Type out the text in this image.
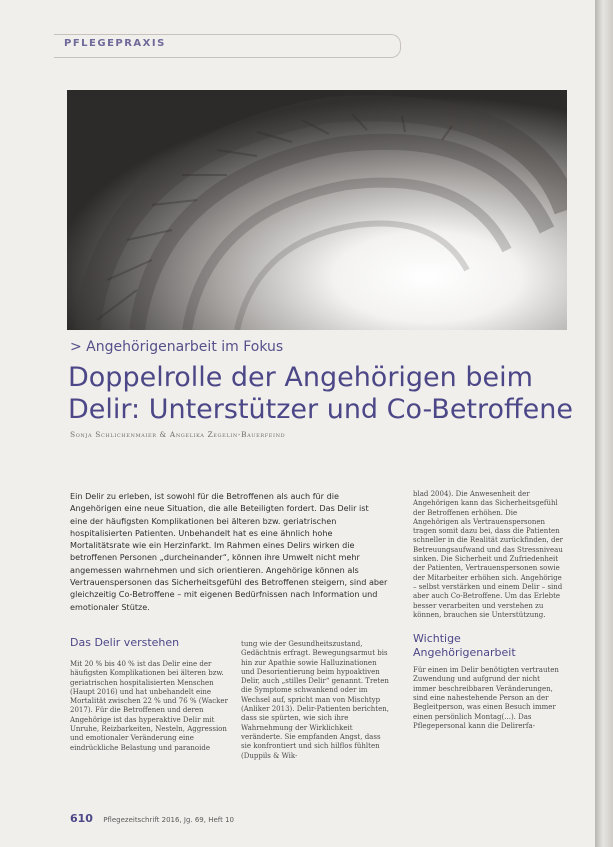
PFLEGEPRAXIS
> Angehörigenarbeit im Fokus
Doppelrolle der Angehörigen beim
Delir: Unterstützer und Co-Betroffene
Sonja Schlichenmaier & Angelika Zegelin-Bauerfeind

Ein Delir zu erleben, ist sowohl für die Betroffenen als auch für die Angehörigen eine neue Situation, die alle Beteiligten fordert. Das Delir ist eine der häufigsten Komplikationen bei älteren bzw. geriatrischen hospitalisierten Patienten. Unbehandelt hat es eine ähnlich hohe Mortalitätsrate wie ein Herzinfarkt. Im Rahmen eines Delirs wirken die betroffenen Personen „durcheinander“, können ihre Umwelt nicht mehr angemessen wahrnehmen und sich orientieren. Angehörige können als Vertrauenspersonen das Sicherheitsgefühl des Betroffenen steigern, sind aber gleichzeitig Co-Betroffene – mit eigenen Bedürfnissen nach Information und emotionaler Stütze.

Das Delir verstehen

Mit 20 % bis 40 % ist das Delir eine der häufigsten Komplikationen bei älteren bzw. geriatrischen hospitalisierten Menschen (Haupt 2016) und hat unbehandelt eine Mortalität zwischen 22 % und 76 % (Wacker 2017). Für die Betroffenen und deren Angehörige ist das hyperaktive Delir mit Unruhe, Reizbarkeiten, Nesteln, Aggression und emotionaler Veränderung eine eindrückliche Belastung und paranoide

tung wie der Gesundheitszustand, Gedächtnis erfragt. Bewegungsarmut bis hin zur Apathie sowie Halluzinationen und Desorientierung beim hypoaktiven Delir, auch „stilles Delir“ genannt. Treten die Symptome schwankend oder im Wechsel auf, spricht man von Mischtyp (Anliker 2013). Delir-Patienten berichten, dass sie spürten, wie sich ihre Wahrnehmung der Wirklichkeit veränderte. Sie empfanden Angst, dass sie konfrontiert und sich hilflos fühlten (Duppils & Wik-

blad 2004). Die Anwesenheit der Angehörigen kann das Sicherheitsgefühl der Betroffenen erhöhen. Die Angehörigen als Vertrauenspersonen tragen somit dazu bei, dass die Patienten schneller in die Realität zurückfinden, der Betreuungsaufwand und das Stressniveau sinken. Die Sicherheit und Zufriedenheit der Patienten, Vertrauenspersonen sowie der Mitarbeiter erhöhen sich. Angehörige – selbst verstärken und einem Delir – sind aber auch Co-Betroffene. Um das Erlebte besser verarbeiten und verstehen zu können, brauchen sie Unterstützung.

Wichtige Angehörigenarbeit

Für einen im Delir benötigten vertrauten Zuwendung und aufgrund der nicht immer beschreibbaren Veränderungen, sind eine nahestehende Person an der Begleitperson, was einen Besuch immer einen persönlich Montag(...). Das Pflegepersonal kann die Delirerfa-

610 Pflegezeitschrift 2016, Jg. 69, Heft 10
